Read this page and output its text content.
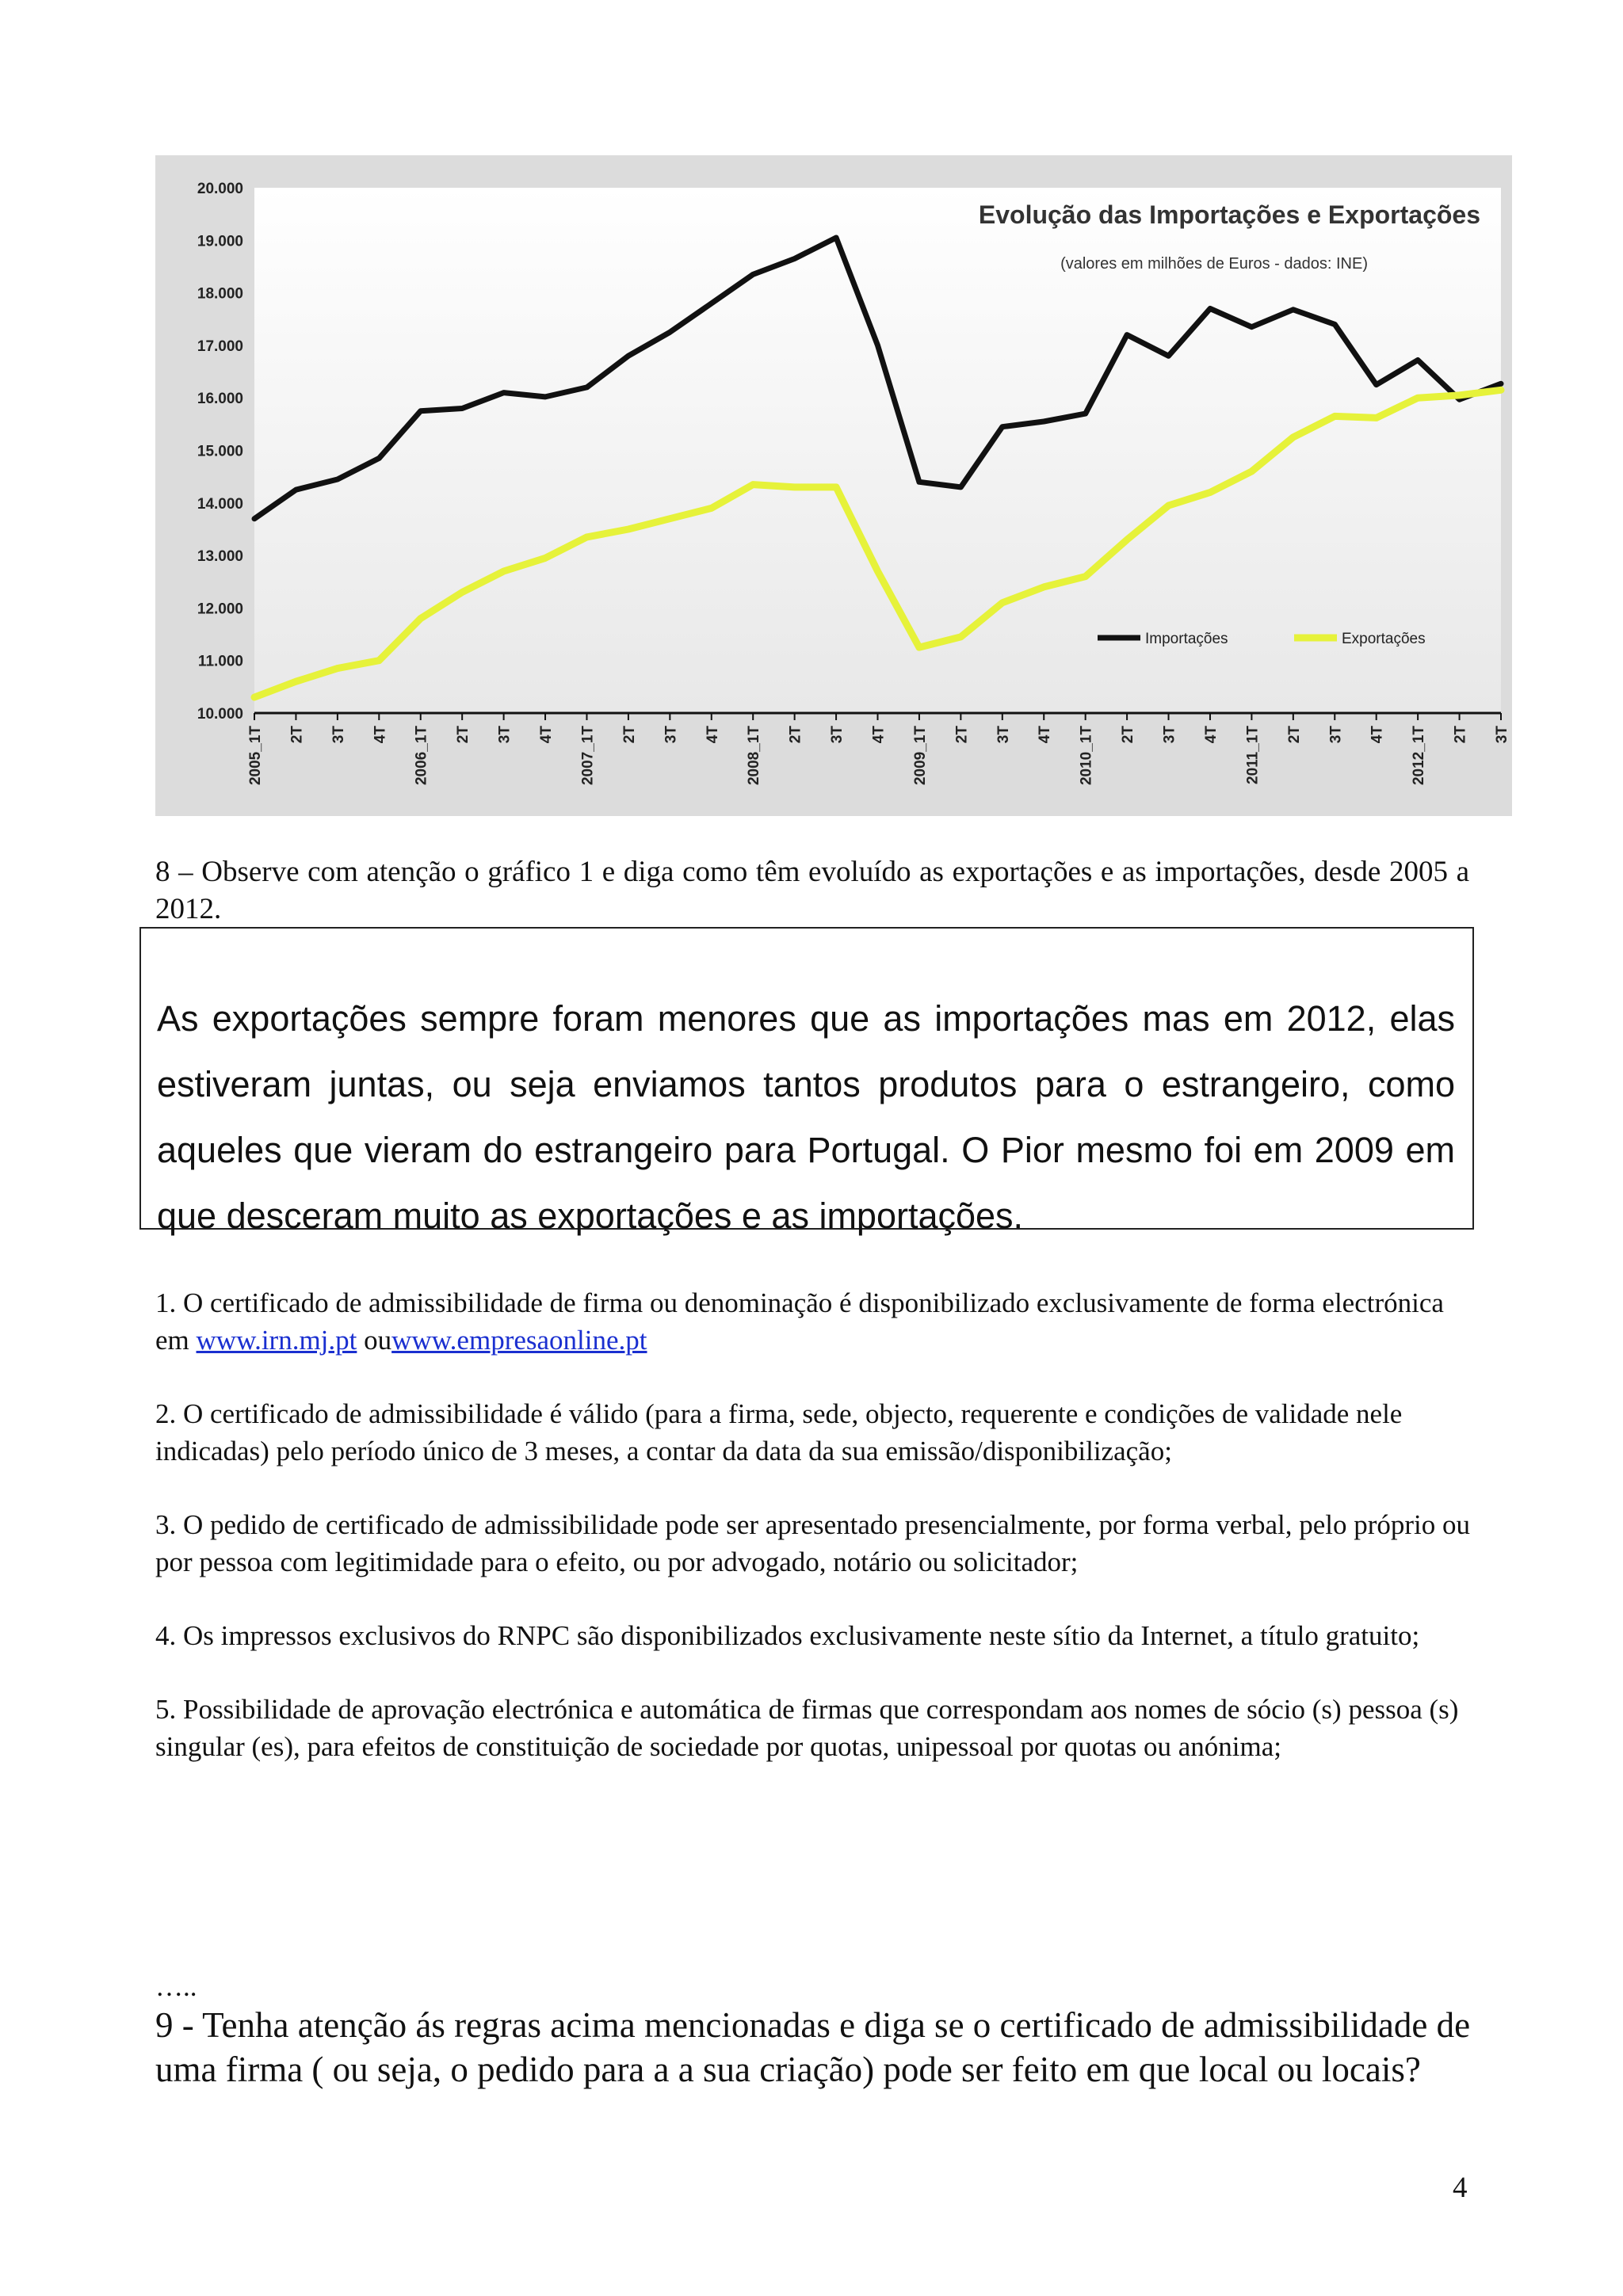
10.000
11.000
12.000
13.000
14.000
15.000
16.000
17.000
18.000
19.000
20.000
2005_1T 2T 3T 4T 2006_1T 2T 3T 4T 2007_1T 2T 3T 4T 2008_1T 2T 3T 4T 2009_1T 2T 3T 4T 2010_1T 2T 3T 4T 2011_1T 2T 3T 4T 2012_1T 2T 3T
Evolução das Importações e Exportações
(valores em milhões de Euros - dados: INE)
Importações	Exportações
8 – Observe com atenção o gráfico 1 e diga como têm evoluído as exportações e as importações, desde 2005 a 2012.

As exportações sempre foram menores que as importações mas em 2012, elas estiveram juntas, ou seja enviamos tantos produtos para o estrangeiro, como aqueles que vieram do estrangeiro para Portugal. O Pior mesmo foi em 2009 em que desceram muito as exportações e as importações.

1. O certificado de admissibilidade de firma ou denominação é disponibilizado exclusivamente de forma electrónica em www.irn.mj.pt ouwww.empresaonline.pt

2. O certificado de admissibilidade é válido (para a firma, sede, objecto, requerente e condições de validade nele indicadas) pelo período único de 3 meses, a contar da data da sua emissão/disponibilização;

3. O pedido de certificado de admissibilidade pode ser apresentado presencialmente, por forma verbal, pelo próprio ou por pessoa com legitimidade para o efeito, ou por advogado, notário ou solicitador;

4. Os impressos exclusivos do RNPC são disponibilizados exclusivamente neste sítio da Internet, a título gratuito;

5. Possibilidade de aprovação electrónica e automática de firmas que correspondam aos nomes de sócio (s) pessoa (s) singular (es), para efeitos de constituição de sociedade por quotas, unipessoal por quotas ou anónima;

…..
9 - Tenha atenção ás regras acima mencionadas e diga se o certificado de admissibilidade de uma firma ( ou seja, o pedido para a a sua criação) pode ser feito em que local ou locais?
4
